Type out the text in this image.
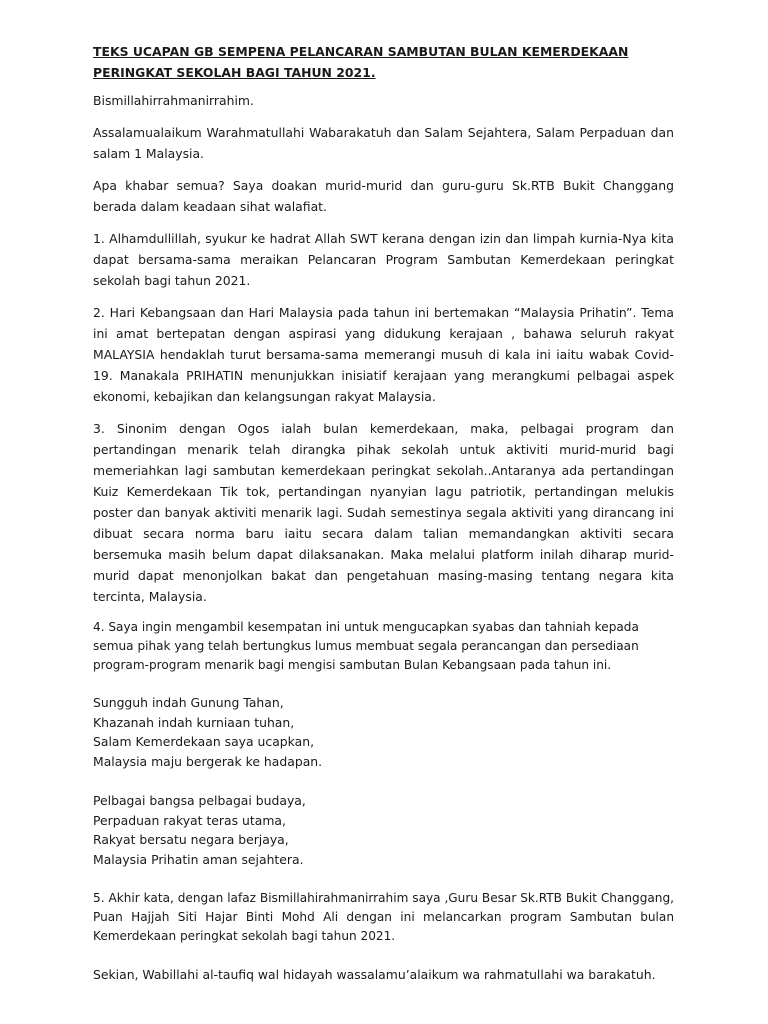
TEKS UCAPAN GB SEMPENA PELANCARAN SAMBUTAN BULAN KEMERDEKAAN PERINGKAT SEKOLAH BAGI TAHUN 2021.

Bismillahirrahmanirrahim.

Assalamualaikum Warahmatullahi Wabarakatuh dan Salam Sejahtera, Salam Perpaduan dan salam 1 Malaysia.

Apa khabar semua? Saya doakan murid-murid dan guru-guru Sk.RTB Bukit Changgang berada dalam keadaan sihat walafiat.

1. Alhamdullillah, syukur ke hadrat Allah SWT kerana dengan izin dan limpah kurnia-Nya kita dapat bersama-sama meraikan Pelancaran Program Sambutan Kemerdekaan peringkat sekolah bagi tahun 2021.

2. Hari Kebangsaan dan Hari Malaysia pada tahun ini bertemakan “Malaysia Prihatin”. Tema ini amat bertepatan dengan aspirasi yang didukung kerajaan , bahawa seluruh rakyat MALAYSIA hendaklah turut bersama-sama memerangi musuh di kala ini iaitu wabak Covid-19. Manakala PRIHATIN menunjukkan inisiatif kerajaan yang merangkumi pelbagai aspek ekonomi, kebajikan dan kelangsungan rakyat Malaysia.

3. Sinonim dengan Ogos ialah bulan kemerdekaan, maka, pelbagai program dan pertandingan menarik telah dirangka pihak sekolah untuk aktiviti murid-murid bagi memeriahkan lagi sambutan kemerdekaan peringkat sekolah..Antaranya ada pertandingan Kuiz Kemerdekaan Tik tok, pertandingan nyanyian lagu patriotik, pertandingan melukis poster dan banyak aktiviti menarik lagi. Sudah semestinya segala aktiviti yang dirancang ini dibuat secara norma baru iaitu secara dalam talian memandangkan aktiviti secara bersemuka masih belum dapat dilaksanakan. Maka melalui platform inilah diharap murid-murid dapat menonjolkan bakat dan pengetahuan masing-masing tentang negara kita tercinta, Malaysia.

4. Saya ingin mengambil kesempatan ini untuk mengucapkan syabas dan tahniah kepada semua pihak yang telah bertungkus lumus membuat segala perancangan dan persediaan program-program menarik bagi mengisi sambutan Bulan Kebangsaan pada tahun ini.

Sungguh indah Gunung Tahan,
Khazanah indah kurniaan tuhan,
Salam Kemerdekaan saya ucapkan,
Malaysia maju bergerak ke hadapan.
Pelbagai bangsa pelbagai budaya,
Perpaduan rakyat teras utama,
Rakyat bersatu negara berjaya,
Malaysia Prihatin aman sejahtera.

5. Akhir kata, dengan lafaz Bismillahirahmanirrahim saya ,Guru Besar Sk.RTB Bukit Changgang, Puan Hajjah Siti Hajar Binti Mohd Ali dengan ini melancarkan program Sambutan bulan Kemerdekaan peringkat sekolah bagi tahun 2021.

Sekian, Wabillahi al-taufiq wal hidayah wassalamu’alaikum wa rahmatullahi wa barakatuh.
